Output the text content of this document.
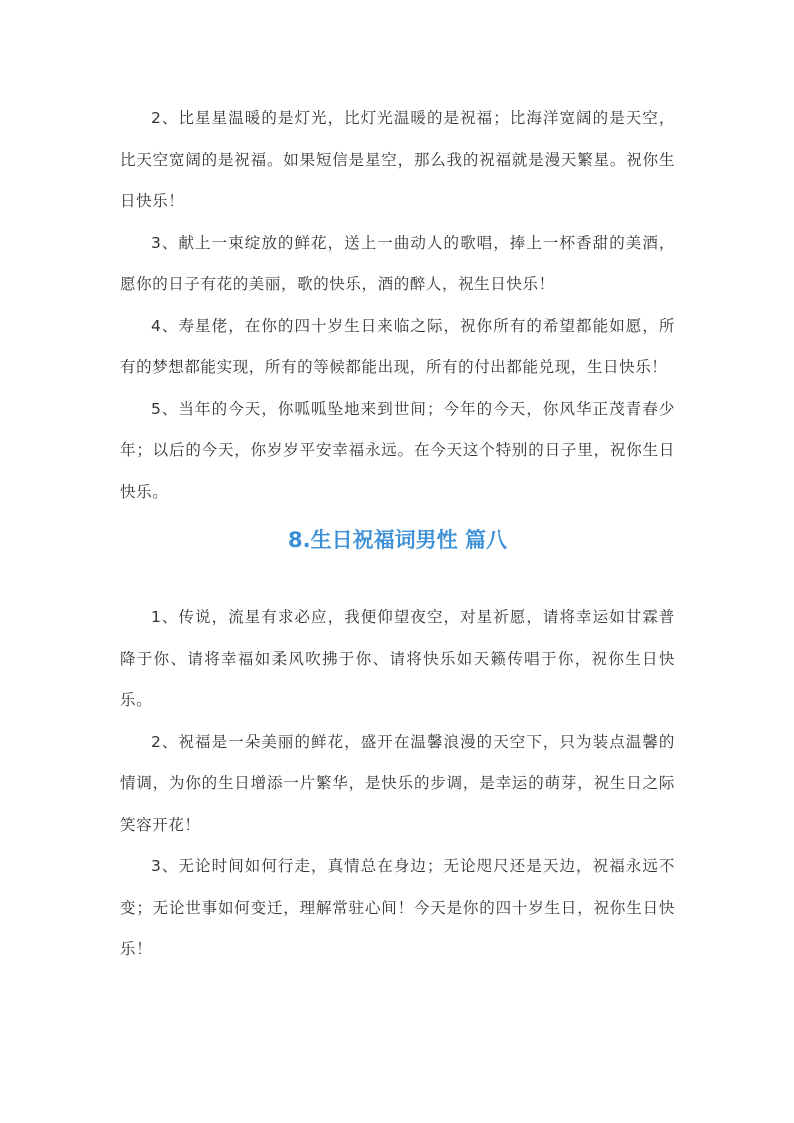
2、比星星温暖的是灯光，比灯光温暖的是祝福；比海洋宽阔的是天空，比天空宽阔的是祝福。如果短信是星空，那么我的祝福就是漫天繁星。祝你生日快乐！

3、献上一束绽放的鲜花，送上一曲动人的歌唱，捧上一杯香甜的美酒，愿你的日子有花的美丽，歌的快乐，酒的醉人，祝生日快乐！

4、寿星佬，在你的四十岁生日来临之际，祝你所有的希望都能如愿，所有的梦想都能实现，所有的等候都能出现，所有的付出都能兑现，生日快乐！

5、当年的今天，你呱呱坠地来到世间；今年的今天，你风华正茂青春少年；以后的今天，你岁岁平安幸福永远。在今天这个特别的日子里，祝你生日快乐。

8.生日祝福词男性 篇八

1、传说，流星有求必应，我便仰望夜空，对星祈愿，请将幸运如甘霖普降于你、请将幸福如柔风吹拂于你、请将快乐如天籁传唱于你，祝你生日快乐。

2、祝福是一朵美丽的鲜花，盛开在温馨浪漫的天空下，只为装点温馨的情调，为你的生日增添一片繁华，是快乐的步调，是幸运的萌芽，祝生日之际笑容开花！

3、无论时间如何行走，真情总在身边；无论咫尺还是天边，祝福永远不变；无论世事如何变迁，理解常驻心间！今天是你的四十岁生日，祝你生日快乐！
